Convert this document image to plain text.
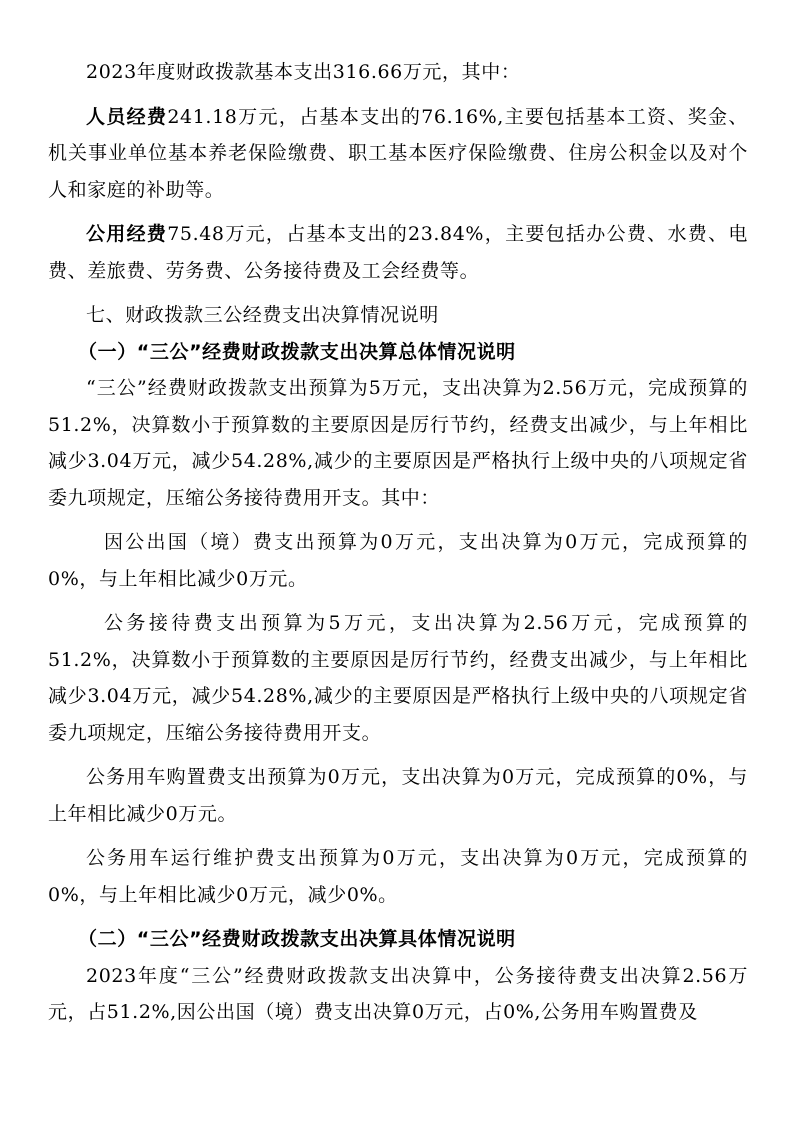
2023年度财政拨款基本支出316.66万元，其中：

人员经费241.18万元，占基本支出的76.16%,主要包括基本工资、奖金、机关事业单位基本养老保险缴费、职工基本医疗保险缴费、住房公积金以及对个人和家庭的补助等。

公用经费75.48万元，占基本支出的23.84%，主要包括办公费、水费、电费、差旅费、劳务费、公务接待费及工会经费等。

七、财政拨款三公经费支出决算情况说明

（一）“三公”经费财政拨款支出决算总体情况说明

“三公”经费财政拨款支出预算为5万元，支出决算为2.56万元，完成预算的51.2%，决算数小于预算数的主要原因是厉行节约，经费支出减少，与上年相比减少3.04万元，减少54.28%,减少的主要原因是严格执行上级中央的八项规定省委九项规定，压缩公务接待费用开支。其中：

因公出国（境）费支出预算为0万元，支出决算为0万元，完成预算的0%，与上年相比减少0万元。

公务接待费支出预算为5万元，支出决算为2.56万元，完成预算的51.2%，决算数小于预算数的主要原因是厉行节约，经费支出减少，与上年相比减少3.04万元，减少54.28%,减少的主要原因是严格执行上级中央的八项规定省委九项规定，压缩公务接待费用开支。

公务用车购置费支出预算为0万元，支出决算为0万元，完成预算的0%，与上年相比减少0万元。

公务用车运行维护费支出预算为0万元，支出决算为0万元，完成预算的0%，与上年相比减少0万元，减少0%。

（二）“三公”经费财政拨款支出决算具体情况说明

2023年度“三公”经费财政拨款支出决算中，公务接待费支出决算2.56万元，占51.2%,因公出国（境）费支出决算0万元，占0%,公务用车购置费及
